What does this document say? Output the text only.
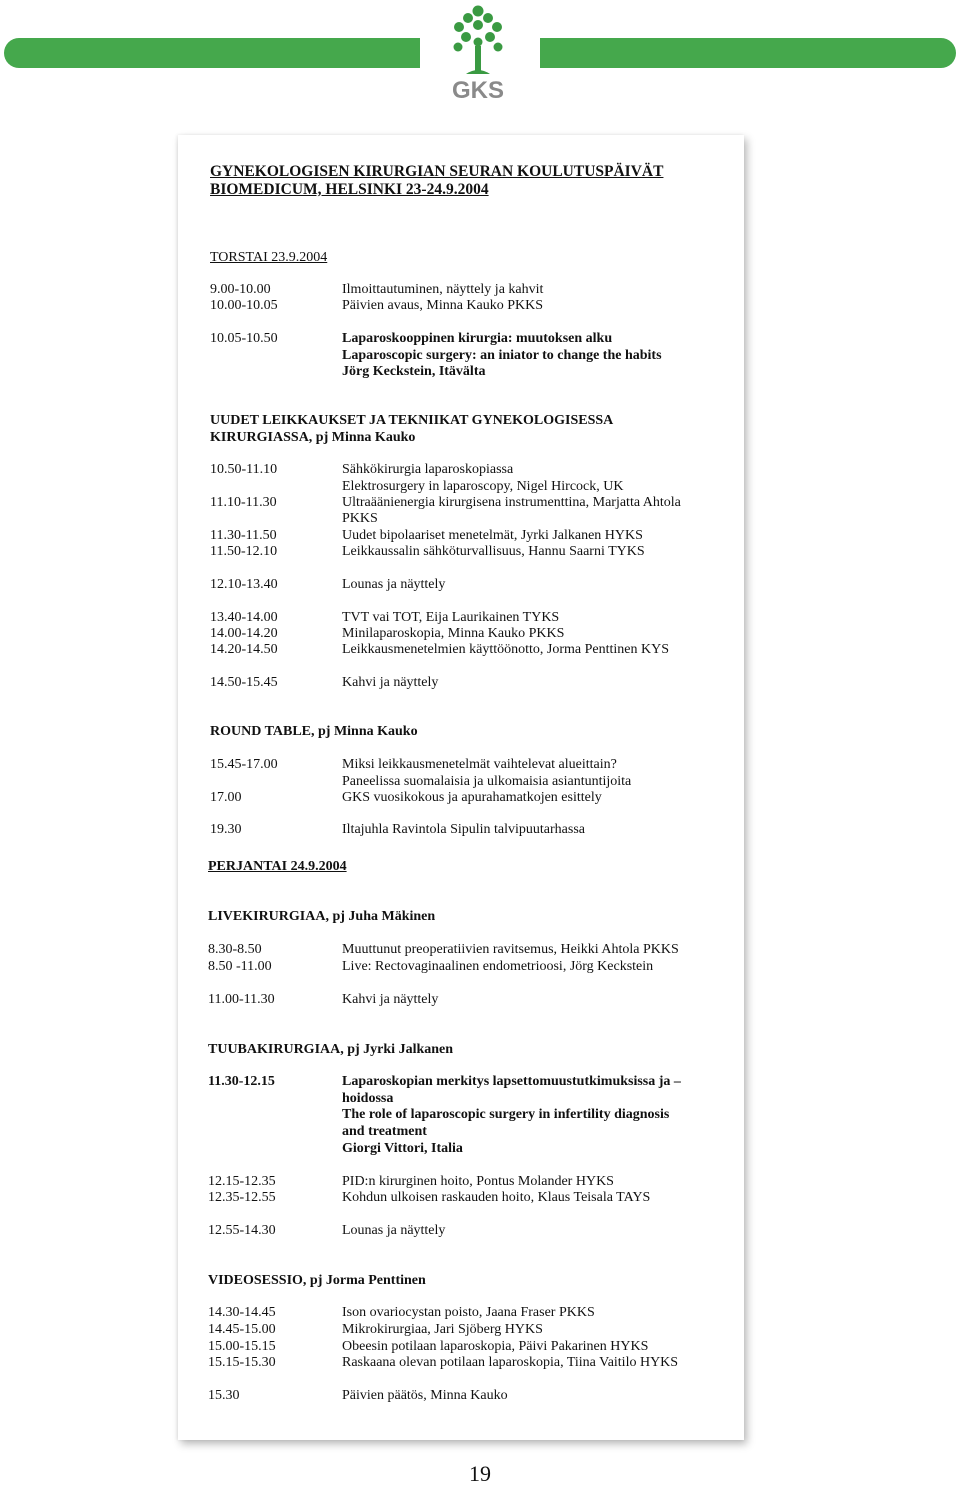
GKS
GYNEKOLOGISEN KIRURGIAN SEURAN KOULUTUSPÄIVÄT
BIOMEDICUM, HELSINKI 23-24.9.2004
TORSTAI 23.9.2004
9.00-10.00	Ilmoittautuminen, näyttely ja kahvit
10.00-10.05	Päivien avaus, Minna Kauko PKKS
10.05-10.50	Laparoskooppinen kirurgia: muutoksen alku
Laparoscopic surgery: an iniator to change the habits
Jörg Keckstein, Itävälta
UUDET LEIKKAUKSET JA TEKNIIKAT GYNEKOLOGISESSA
KIRURGIASSA, pj Minna Kauko
10.50-11.10	Sähkökirurgia laparoskopiassa
Elektrosurgery in laparoscopy, Nigel Hircock, UK
11.10-11.30	Ultraäänienergia kirurgisena instrumenttina, Marjatta Ahtola
PKKS
11.30-11.50	Uudet bipolaariset menetelmät, Jyrki Jalkanen HYKS
11.50-12.10	Leikkaussalin sähköturvallisuus, Hannu Saarni TYKS
12.10-13.40	Lounas ja näyttely
13.40-14.00	TVT vai TOT, Eija Laurikainen TYKS
14.00-14.20	Minilaparoskopia, Minna Kauko PKKS
14.20-14.50	Leikkausmenetelmien käyttöönotto, Jorma Penttinen KYS
14.50-15.45	Kahvi ja näyttely
ROUND TABLE, pj Minna Kauko
15.45-17.00	Miksi leikkausmenetelmät vaihtelevat alueittain?
Paneelissa suomalaisia ja ulkomaisia asiantuntijoita
17.00	GKS vuosikokous ja apurahamatkojen esittely
19.30	Iltajuhla Ravintola Sipulin talvipuutarhassa
PERJANTAI 24.9.2004
LIVEKIRURGIAA, pj Juha Mäkinen
8.30-8.50	Muuttunut preoperatiivien ravitsemus, Heikki Ahtola PKKS
8.50 -11.00	Live: Rectovaginaalinen endometrioosi, Jörg Keckstein
11.00-11.30	Kahvi ja näyttely
TUUBAKIRURGIAA, pj Jyrki Jalkanen
11.30-12.15	Laparoskopian merkitys lapsettomuustutkimuksissa ja –
hoidossa
The role of laparoscopic surgery in infertility diagnosis
and treatment
Giorgi Vittori, Italia
12.15-12.35	PID:n kirurginen hoito, Pontus Molander HYKS
12.35-12.55	Kohdun ulkoisen raskauden hoito, Klaus Teisala TAYS
12.55-14.30	Lounas ja näyttely
VIDEOSESSIO, pj Jorma Penttinen
14.30-14.45	Ison ovariocystan poisto, Jaana Fraser PKKS
14.45-15.00	Mikrokirurgiaa, Jari Sjöberg HYKS
15.00-15.15	Obeesin potilaan laparoskopia, Päivi Pakarinen HYKS
15.15-15.30	Raskaana olevan potilaan laparoskopia, Tiina Vaitilo HYKS
15.30	Päivien päätös, Minna Kauko
19
